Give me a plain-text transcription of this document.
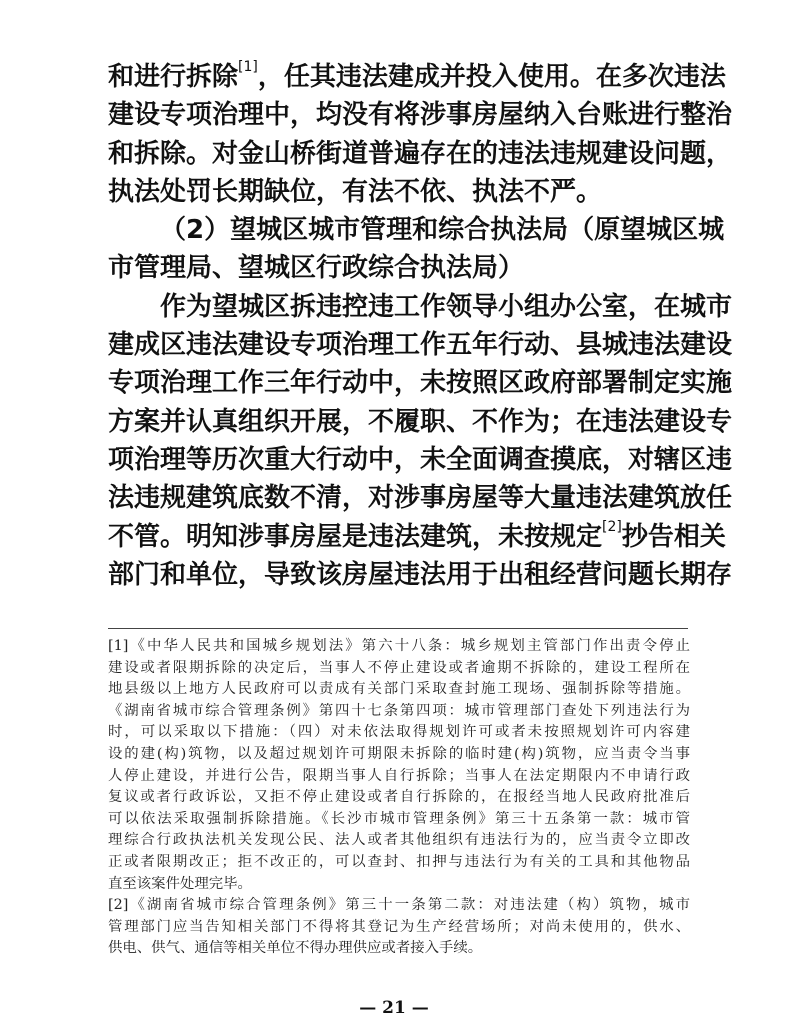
和进行拆除[1]，任其违法建成并投入使用。在多次违法
建设专项治理中，均没有将涉事房屋纳入台账进行整治
和拆除。对金山桥街道普遍存在的违法违规建设问题，
执法处罚长期缺位，有法不依、执法不严。
（2）望城区城市管理和综合执法局（原望城区城
市管理局、望城区行政综合执法局）
作为望城区拆违控违工作领导小组办公室，在城市
建成区违法建设专项治理工作五年行动、县城违法建设
专项治理工作三年行动中，未按照区政府部署制定实施
方案并认真组织开展，不履职、不作为；在违法建设专
项治理等历次重大行动中，未全面调查摸底，对辖区违
法违规建筑底数不清，对涉事房屋等大量违法建筑放任
不管。明知涉事房屋是违法建筑，未按规定[2]抄告相关
部门和单位，导致该房屋违法用于出租经营问题长期存
[1]《中华人民共和国城乡规划法》第六十八条：城乡规划主管部门作出责令停止
建设或者限期拆除的决定后，当事人不停止建设或者逾期不拆除的，建设工程所在
地县级以上地方人民政府可以责成有关部门采取查封施工现场、强制拆除等措施。
《湖南省城市综合管理条例》第四十七条第四项：城市管理部门查处下列违法行为
时，可以采取以下措施：（四）对未依法取得规划许可或者未按照规划许可内容建
设的建(构)筑物，以及超过规划许可期限未拆除的临时建(构)筑物，应当责令当事
人停止建设，并进行公告，限期当事人自行拆除；当事人在法定期限内不申请行政
复议或者行政诉讼，又拒不停止建设或者自行拆除的，在报经当地人民政府批准后
可以依法采取强制拆除措施。《长沙市城市管理条例》第三十五条第一款：城市管
理综合行政执法机关发现公民、法人或者其他组织有违法行为的，应当责令立即改
正或者限期改正；拒不改正的，可以查封、扣押与违法行为有关的工具和其他物品
直至该案件处理完毕。
[2]《湖南省城市综合管理条例》第三十一条第二款：对违法建（构）筑物，城市
管理部门应当告知相关部门不得将其登记为生产经营场所；对尚未使用的，供水、
供电、供气、通信等相关单位不得办理供应或者接入手续。
— 21 —
